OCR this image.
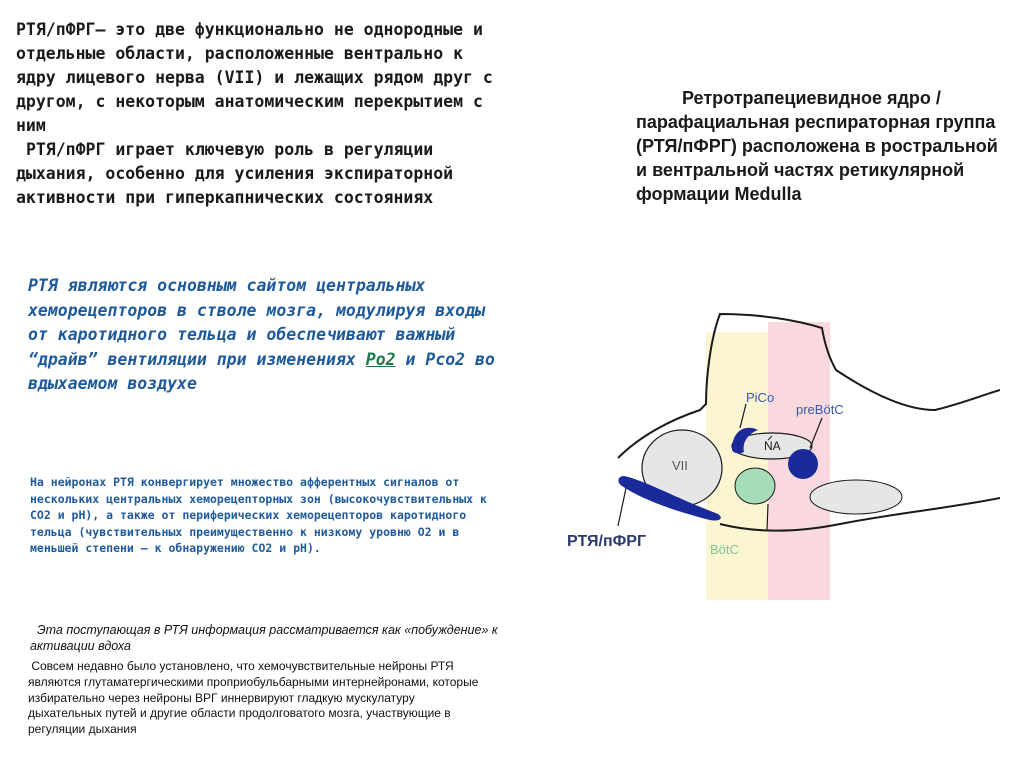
РТЯ/пФРГ— это две функционально не однородные и отдельные области, расположенные вентрально к ядру лицевого нерва (VII) и лежащих рядом друг с другом, с некоторым анатомическим перекрытием с ним

РТЯ/пФРГ играет ключевую роль в регуляции дыхания, особенно для усиления экспираторной активности при гиперкапнических состояниях

РТЯ являются основным сайтом центральных хеморецепторов в стволе мозга, модулируя входы от каротидного тельца и обеспечивают важный “драйв” вентиляции при изменениях Po2 и Pco2 во вдыхаемом воздухе
На нейронах РТЯ конвергирует множество афферентных сигналов от нескольких центральных хеморецепторных зон (высокочувствительных к CO2 и pH), а также от периферических хеморецепторов каротидного тельца (чувствительных преимущественно к низкому уровню O2 и в меньшей степени — к обнаружению CO2 и pH).
Эта поступающая в РТЯ информация рассматривается как «побуждение» к активации вдоха
Совсем недавно было установлено, что хемочувствительные нейроны РТЯ являются глутаматергическими проприобульбарными интернейронами, которые избирательно через нейроны ВРГ иннервируют гладкую мускулатуру дыхательных путей и другие области продолговатого мозга, участвующие в регуляции дыхания
Ретротрапециевидное ядро / парафациальная респираторная группа (РТЯ/пФРГ) расположена в ростральной и вентральной частях ретикулярной формации Medulla
PiCo
preBötC
NA
VII
BötC
РТЯ/пФРГ
